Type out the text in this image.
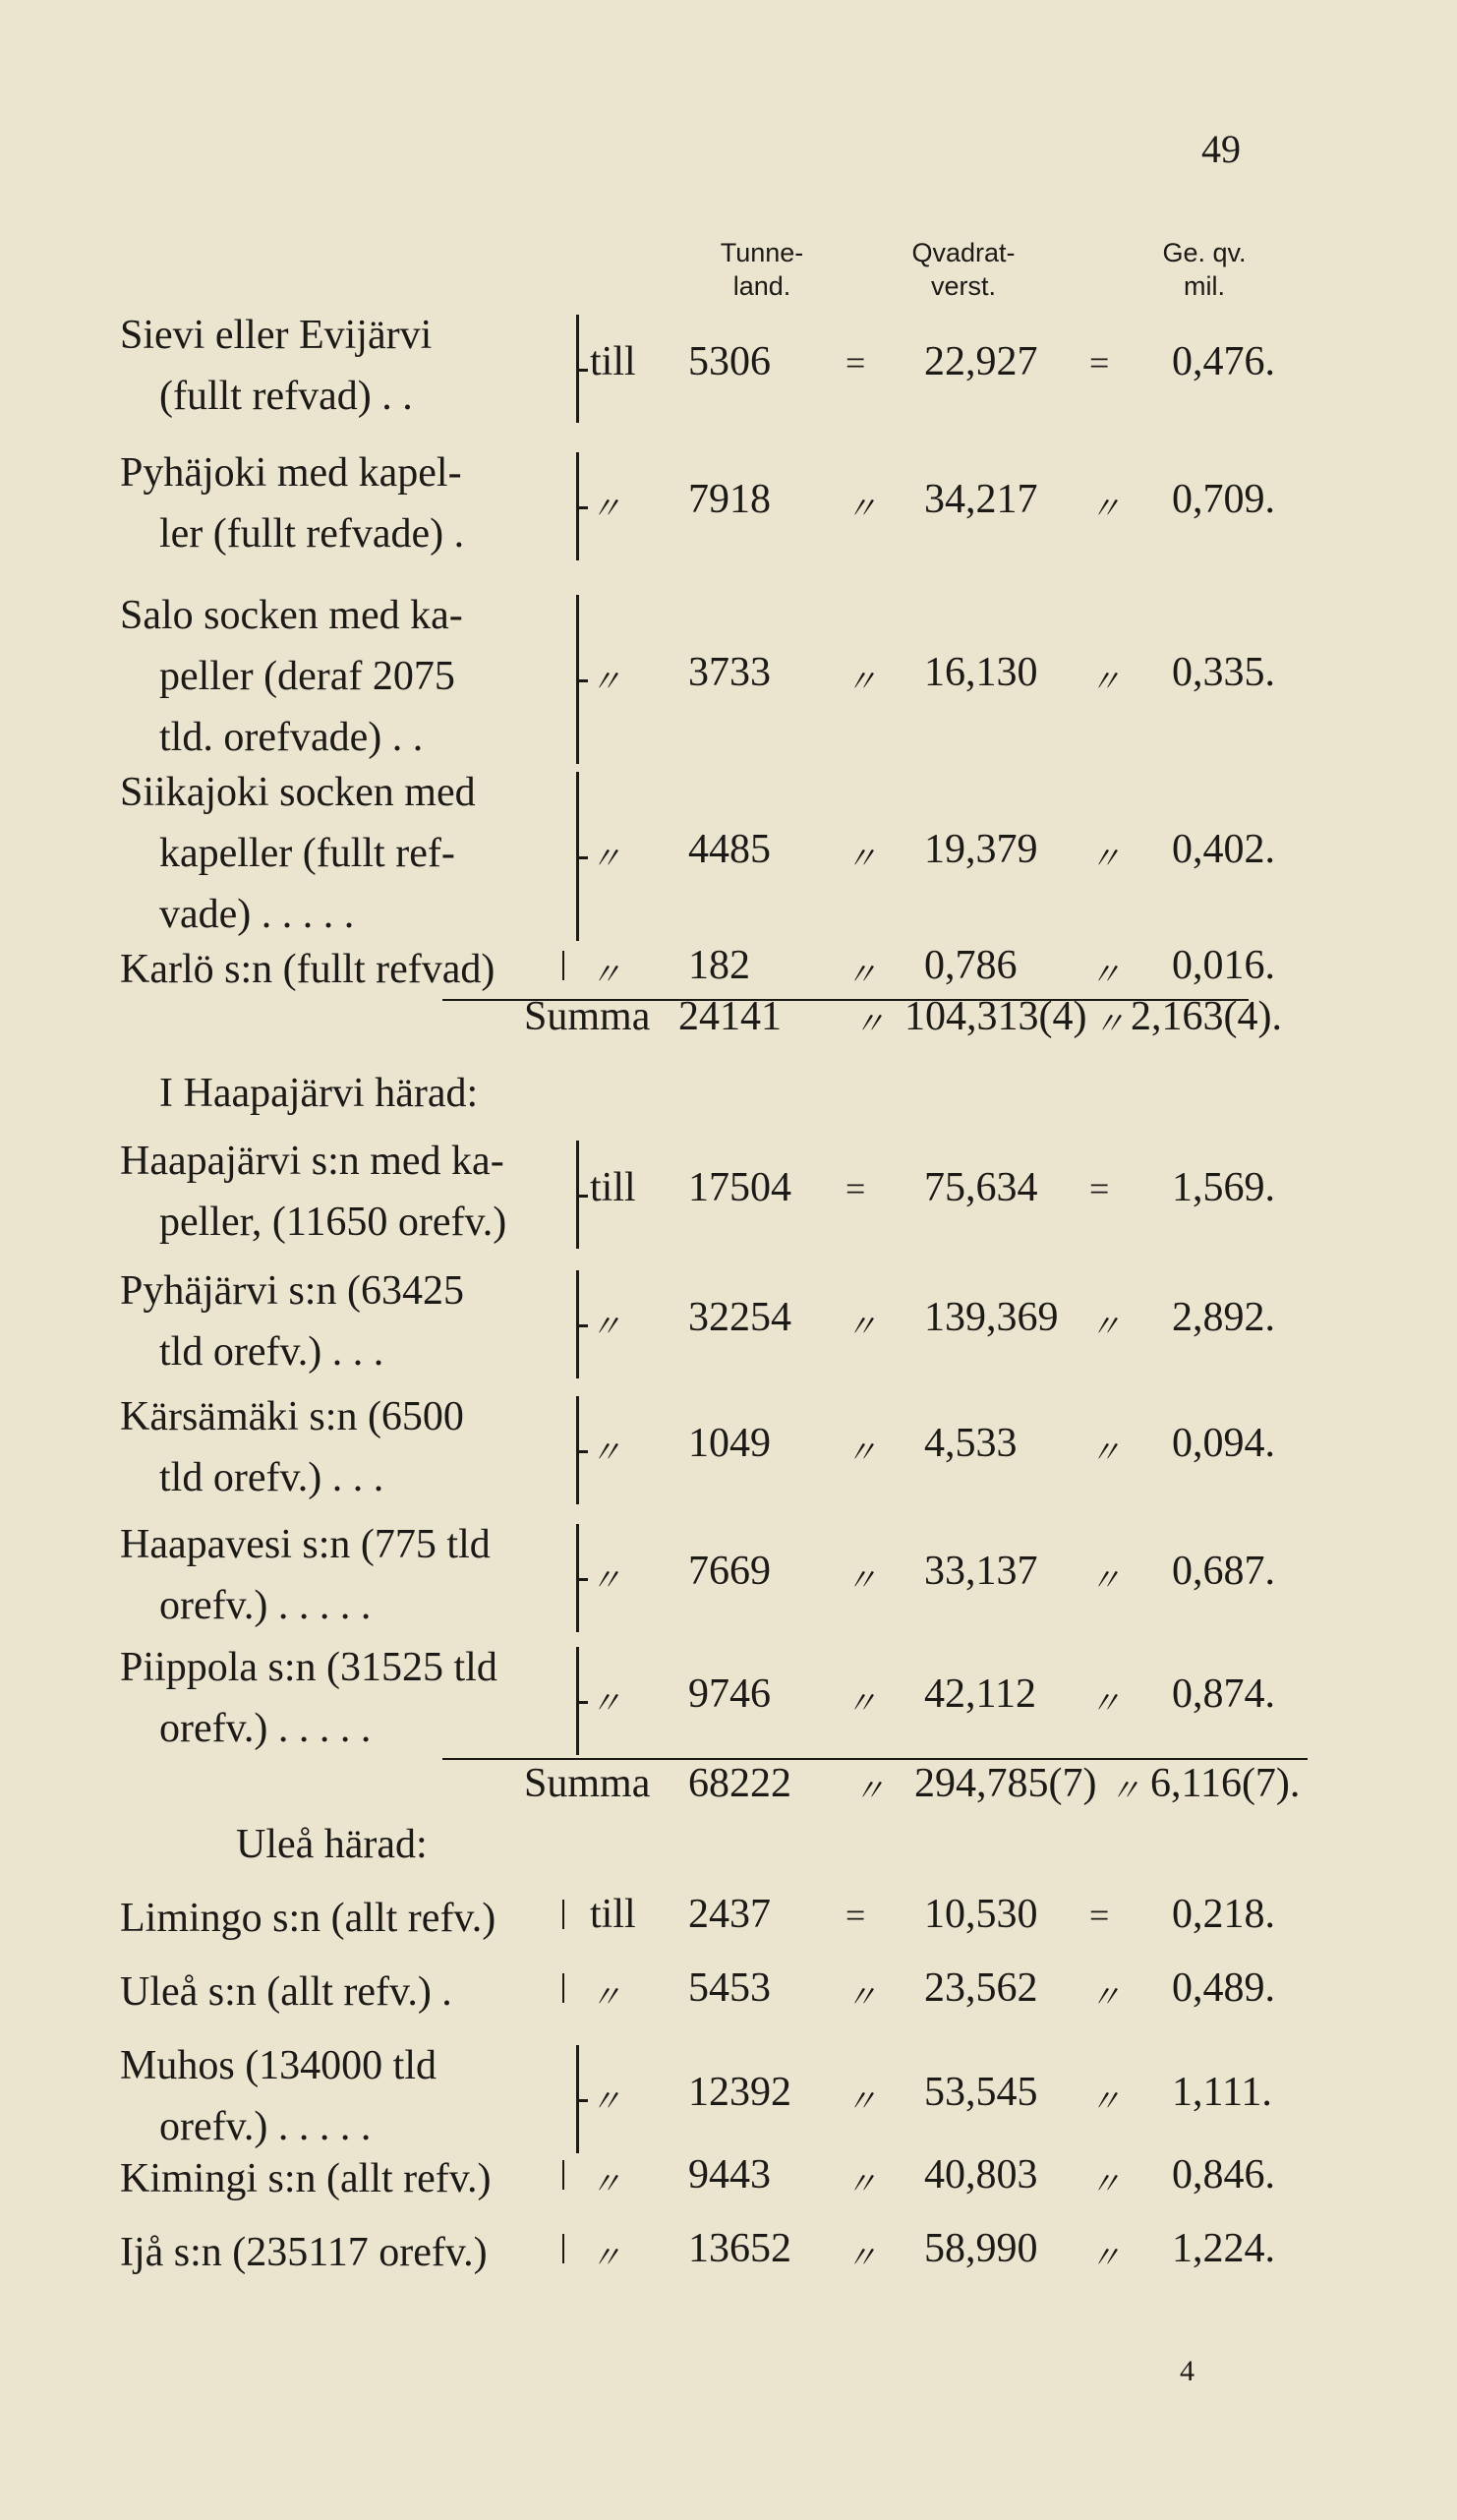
49
Tunne-
land.
Qvadrat-
verst.
Ge. qv.
mil.
Sievi eller Evijärvi
(fullt refvad) . .
till 5306 = 22,927 = 0,476.
Pyhäjoki med kapel-
ler (fullt refvade) .
〃 7918 〃 34,217 〃 0,709.
Salo socken med ka-
peller (deraf 2075
tld. orefvade) . .
〃 3733 〃 16,130 〃 0,335.
Siikajoki socken med
kapeller (fullt ref-
vade) . . . . .
〃 4485 〃 19,379 〃 0,402.
Karlö s:n (fullt refvad)	〃 182	〃 0,786 〃 0,016.
Summa 24141 〃 104,313(4) 〃 2,163(4).
I Haapajärvi härad:
Haapajärvi s:n med ka-
peller, (11650 orefv.)
till 17504 = 75,634 = 1,569.
Pyhäjärvi s:n (63425
tld orefv.) . . .
〃 32254 〃 139,369 〃 2,892.
Kärsämäki s:n (6500
tld orefv.) . . .
〃 1049 〃 4,533 〃 0,094.
Haapavesi s:n (775 tld
orefv.) . . . . .
〃 7669 〃 33,137 〃 0,687.
Piippola s:n (31525 tld
orefv.) . . . . .
〃 9746 〃 42,112 〃 0,874.
Summa 68222 〃 294,785(7) 〃 6,116(7).
Uleå härad:
Limingo s:n (allt refv.) till 2437 = 10,530 = 0,218.
Uleå s:n (allt refv.) .	〃 5453 〃 23,562 〃 0,489.
Muhos (134000 tld
orefv.) . . . . .
〃 12392 〃 53,545 〃 1,111.
Kimingi s:n (allt refv.)	〃 9443 〃 40,803 〃 0,846.
Ijå s:n (235117 orefv.)	〃 13652 〃 58,990 〃 1,224.
4
